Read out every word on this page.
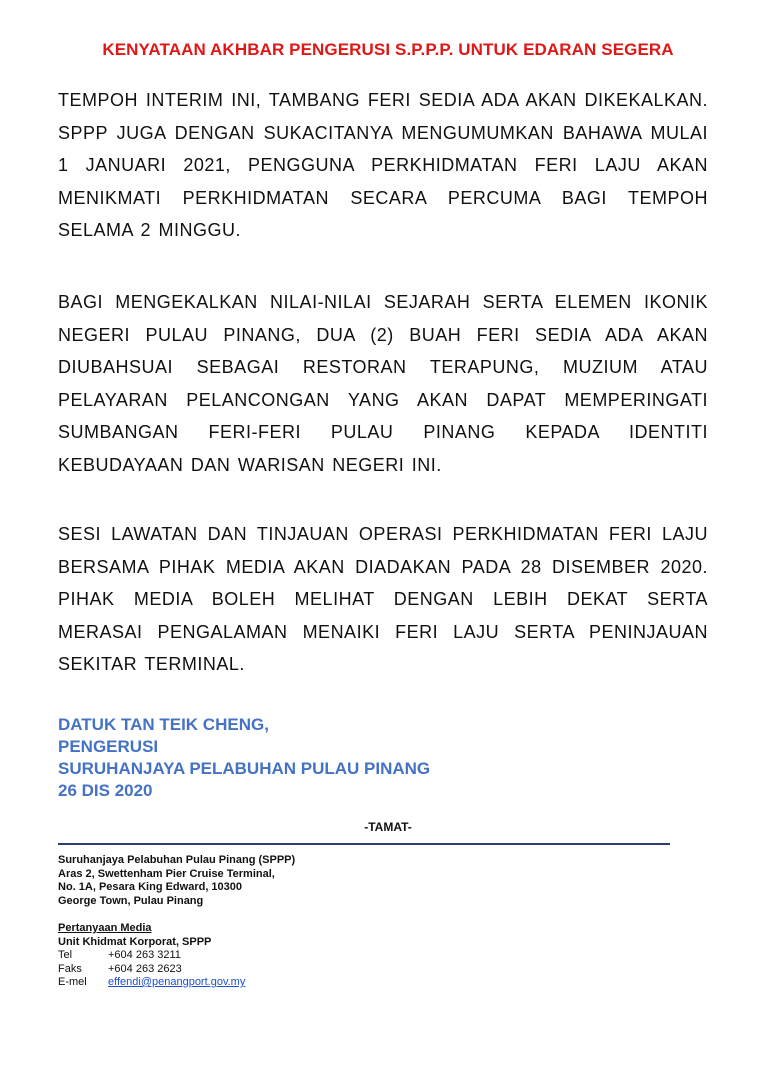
KENYATAAN AKHBAR PENGERUSI S.P.P.P. UNTUK EDARAN SEGERA

TEMPOH INTERIM INI, TAMBANG FERI SEDIA ADA AKAN DIKEKALKAN. SPPP JUGA DENGAN SUKACITANYA MENGUMUMKAN BAHAWA MULAI 1 JANUARI 2021, PENGGUNA PERKHIDMATAN FERI LAJU AKAN MENIKMATI PERKHIDMATAN SECARA PERCUMA BAGI TEMPOH SELAMA 2 MINGGU.

BAGI MENGEKALKAN NILAI-NILAI SEJARAH SERTA ELEMEN IKONIK NEGERI PULAU PINANG, DUA (2) BUAH FERI SEDIA ADA AKAN DIUBAHSUAI SEBAGAI RESTORAN TERAPUNG, MUZIUM ATAU PELAYARAN PELANCONGAN YANG AKAN DAPAT MEMPERINGATI SUMBANGAN FERI-FERI PULAU PINANG KEPADA IDENTITI KEBUDAYAAN DAN WARISAN NEGERI INI.

SESI LAWATAN DAN TINJAUAN OPERASI PERKHIDMATAN FERI LAJU BERSAMA PIHAK MEDIA AKAN DIADAKAN PADA 28 DISEMBER 2020. PIHAK MEDIA BOLEH MELIHAT DENGAN LEBIH DEKAT SERTA MERASAI PENGALAMAN MENAIKI FERI LAJU SERTA PENINJAUAN SEKITAR TERMINAL.

DATUK TAN TEIK CHENG,
PENGERUSI
SURUHANJAYA PELABUHAN PULAU PINANG
26 DIS 2020
-TAMAT-
Suruhanjaya Pelabuhan Pulau Pinang (SPPP)
Aras 2, Swettenham Pier Cruise Terminal,
No. 1A, Pesara King Edward, 10300
George Town, Pulau Pinang
Pertanyaan Media
Unit Khidmat Korporat, SPPP
Tel	+604 263 3211
Faks	+604 263 2623
E-mel	effendi@penangport.gov.my
